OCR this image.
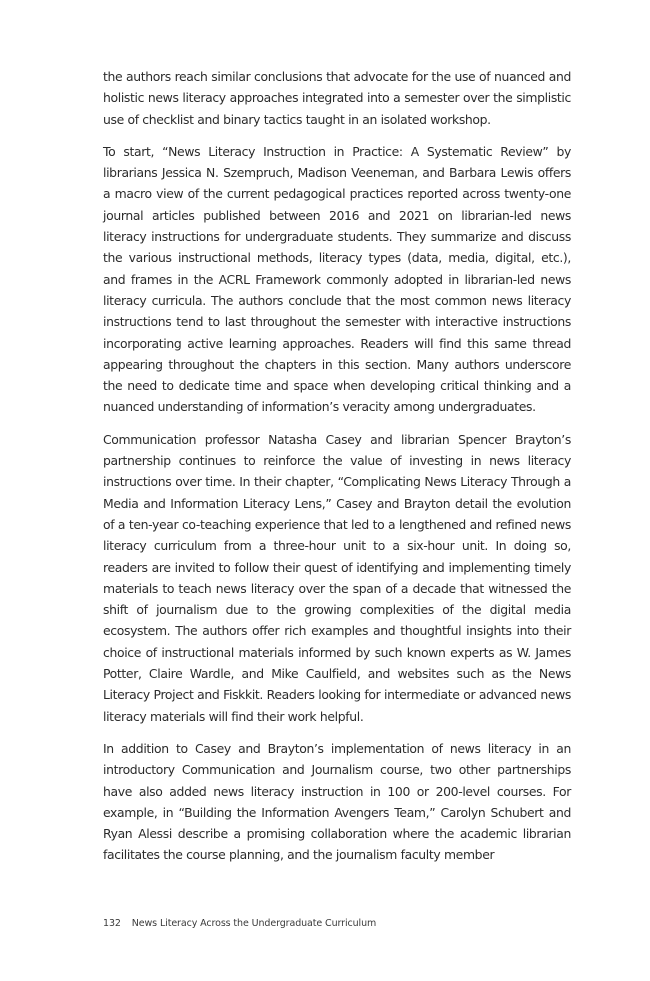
the authors reach similar conclusions that advocate for the use of nuanced and holistic news literacy approaches integrated into a semester over the simplistic use of checklist and binary tactics taught in an isolated workshop.

To start, “News Literacy Instruction in Practice: A Systematic Review” by librarians Jessica N. Szempruch, Madison Veeneman, and Barbara Lewis offers a macro view of the current pedagogical practices reported across twenty-one journal articles published between 2016 and 2021 on librarian-led news literacy instructions for undergraduate students. They summarize and discuss the various instructional methods, literacy types (data, media, digital, etc.), and frames in the ACRL Framework commonly adopted in librarian-led news literacy curricula. The authors conclude that the most common news literacy instructions tend to last throughout the semester with interactive instructions incorporating active learning approaches. Readers will find this same thread appearing throughout the chapters in this section. Many authors underscore the need to dedicate time and space when developing critical thinking and a nuanced understanding of information’s veracity among undergraduates.

Communication professor Natasha Casey and librarian Spencer Brayton’s partnership continues to reinforce the value of investing in news literacy instructions over time. In their chapter, “Complicating News Literacy Through a Media and Information Literacy Lens,” Casey and Brayton detail the evolution of a ten-year co-teaching experience that led to a lengthened and refined news literacy curriculum from a three-hour unit to a six-hour unit. In doing so, readers are invited to follow their quest of identifying and implementing timely materials to teach news literacy over the span of a decade that witnessed the shift of journalism due to the growing complexities of the digital media ecosystem. The authors offer rich examples and thoughtful insights into their choice of instructional materials informed by such known experts as W. James Potter, Claire Wardle, and Mike Caulfield, and websites such as the News Literacy Project and Fiskkit. Readers looking for intermediate or advanced news literacy materials will find their work helpful.

In addition to Casey and Brayton’s implementation of news literacy in an introductory Communication and Journalism course, two other partnerships have also added news literacy instruction in 100 or 200-level courses. For example, in “Building the Information Avengers Team,” Carolyn Schubert and Ryan Alessi describe a promising collaboration where the academic librarian facilitates the course planning, and the journalism faculty member

132 News Literacy Across the Undergraduate Curriculum
